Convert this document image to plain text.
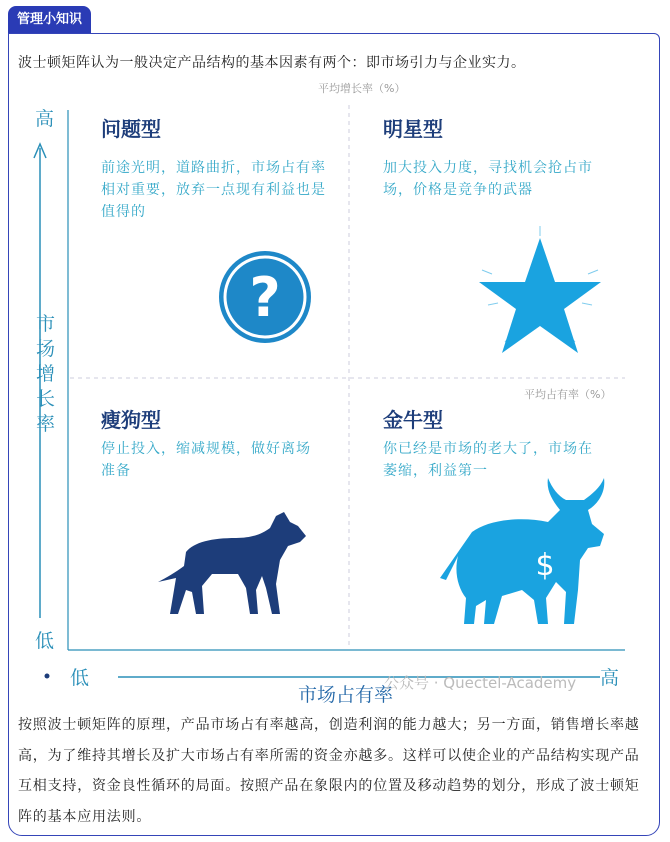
管理小知识
波士顿矩阵认为一般决定产品结构的基本因素有两个：即市场引力与企业实力。
?
$
平均增长率（%）
平均占有率（%）
高
市场增长率
低
低
市场占有率
高
问题型
前途光明，道路曲折，市场占有率相对重要，放弃一点现有利益也是值得的
明星型
加大投入力度，寻找机会抢占市场，价格是竞争的武器
瘦狗型
停止投入，缩减规模，做好离场准备
金牛型
你已经是市场的老大了，市场在萎缩，利益第一
公众号 · Quectel-Academy
按照波士顿矩阵的原理，产品市场占有率越高，创造利润的能力越大；另一方面，销售增长率越高，为了维持其增长及扩大市场占有率所需的资金亦越多。这样可以使企业的产品结构实现产品互相支持，资金良性循环的局面。按照产品在象限内的位置及移动趋势的划分，形成了波士顿矩阵的基本应用法则。
